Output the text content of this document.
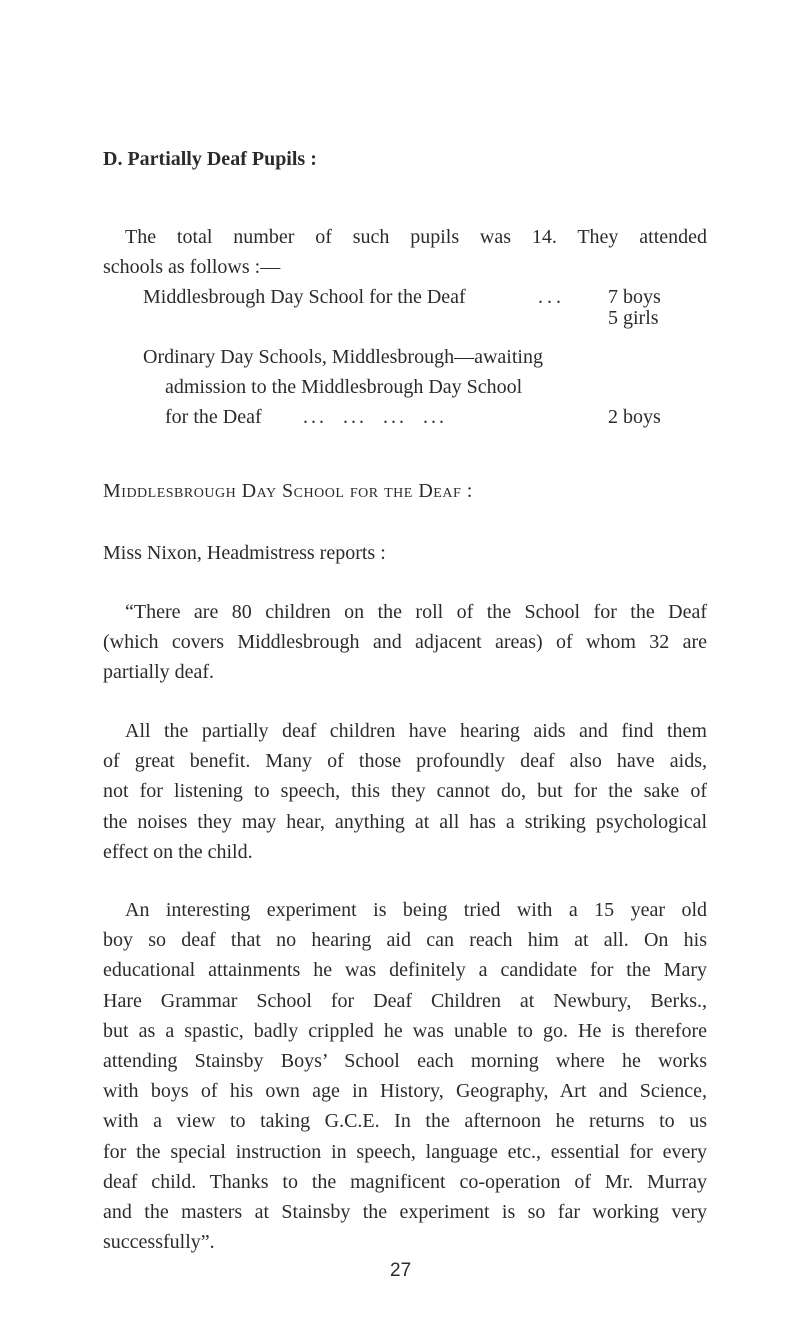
D. Partially Deaf Pupils :
The total number of such pupils was 14. They attended
schools as follows :—
Middlesbrough Day School for the Deaf	... 7 boys
5 girls
Ordinary Day Schools, Middlesbrough—awaiting
admission to the Middlesbrough Day School
for the Deaf ... ... ... ...	2 boys
Middlesbrough Day School for the Deaf :
Miss Nixon, Headmistress reports :
“There are 80 children on the roll of the School for the Deaf
(which covers Middlesbrough and adjacent areas) of whom 32 are
partially deaf.
All the partially deaf children have hearing aids and find them
of great benefit. Many of those profoundly deaf also have aids,
not for listening to speech, this they cannot do, but for the sake of
the noises they may hear, anything at all has a striking psychological
effect on the child.
An interesting experiment is being tried with a 15 year old
boy so deaf that no hearing aid can reach him at all. On his
educational attainments he was definitely a candidate for the Mary
Hare Grammar School for Deaf Children at Newbury, Berks.,
but as a spastic, badly crippled he was unable to go. He is therefore
attending Stainsby Boys’ School each morning where he works
with boys of his own age in History, Geography, Art and Science,
with a view to taking G.C.E. In the afternoon he returns to us
for the special instruction in speech, language etc., essential for every
deaf child. Thanks to the magnificent co-operation of Mr. Murray
and the masters at Stainsby the experiment is so far working very
successfully”.
27
